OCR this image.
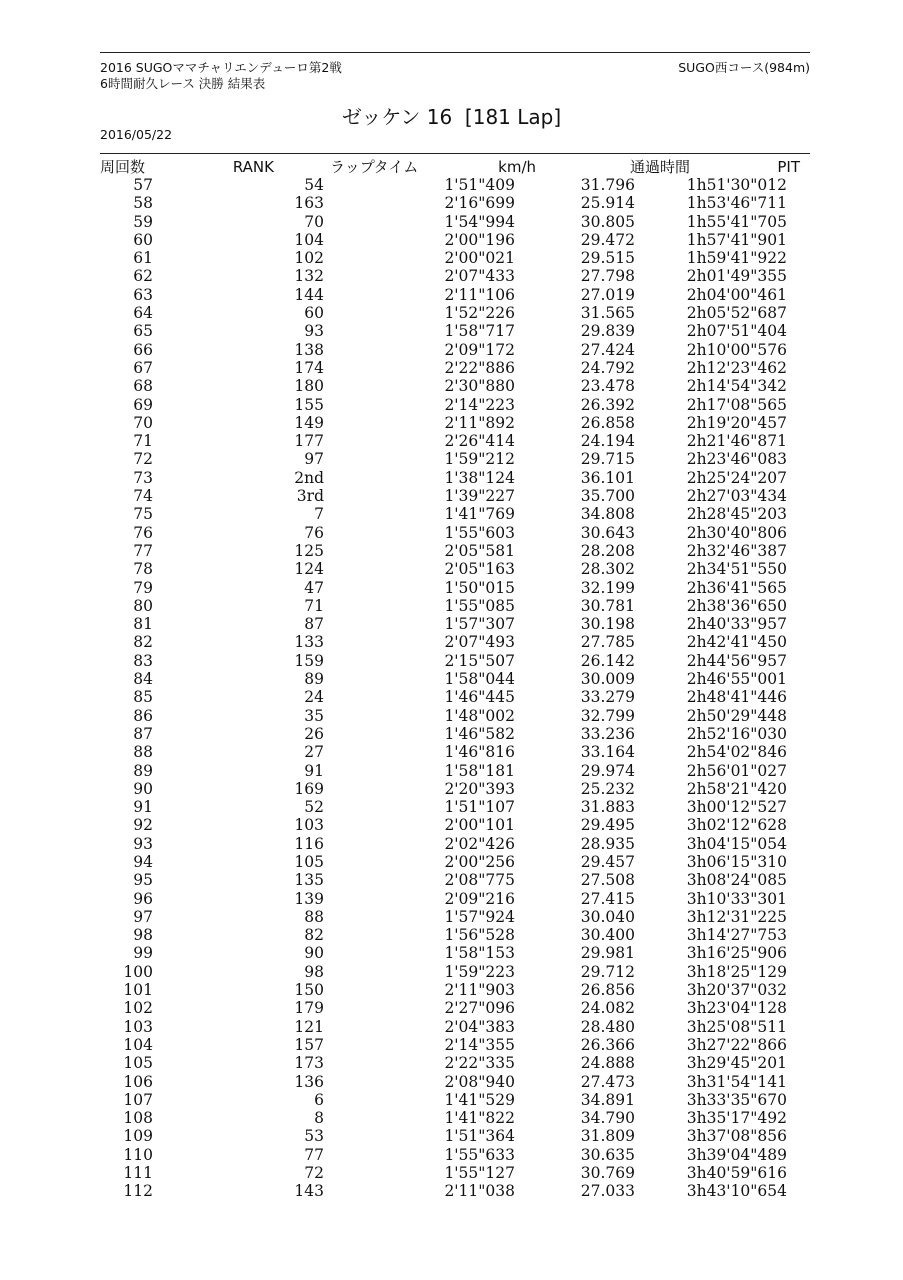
2016 SUGOママチャリエンデューロ第2戦
6時間耐久レース 決勝 結果表
SUGO西コース(984m)
ゼッケン 16  [181 Lap]
2016/05/22
周回数	RANK	ラップタイム	km/h	通過時間	PIT
57	54	1'51"409	31.796	1h51'30"012	
58	163	2'16"699	25.914	1h53'46"711	
59	70	1'54"994	30.805	1h55'41"705	
60	104	2'00"196	29.472	1h57'41"901	
61	102	2'00"021	29.515	1h59'41"922	
62	132	2'07"433	27.798	2h01'49"355	
63	144	2'11"106	27.019	2h04'00"461	
64	60	1'52"226	31.565	2h05'52"687	
65	93	1'58"717	29.839	2h07'51"404	
66	138	2'09"172	27.424	2h10'00"576	
67	174	2'22"886	24.792	2h12'23"462	
68	180	2'30"880	23.478	2h14'54"342	
69	155	2'14"223	26.392	2h17'08"565	
70	149	2'11"892	26.858	2h19'20"457	
71	177	2'26"414	24.194	2h21'46"871	
72	97	1'59"212	29.715	2h23'46"083	
73	2nd	1'38"124	36.101	2h25'24"207	
74	3rd	1'39"227	35.700	2h27'03"434	
75	7	1'41"769	34.808	2h28'45"203	
76	76	1'55"603	30.643	2h30'40"806	
77	125	2'05"581	28.208	2h32'46"387	
78	124	2'05"163	28.302	2h34'51"550	
79	47	1'50"015	32.199	2h36'41"565	
80	71	1'55"085	30.781	2h38'36"650	
81	87	1'57"307	30.198	2h40'33"957	
82	133	2'07"493	27.785	2h42'41"450	
83	159	2'15"507	26.142	2h44'56"957	
84	89	1'58"044	30.009	2h46'55"001	
85	24	1'46"445	33.279	2h48'41"446	
86	35	1'48"002	32.799	2h50'29"448	
87	26	1'46"582	33.236	2h52'16"030	
88	27	1'46"816	33.164	2h54'02"846	
89	91	1'58"181	29.974	2h56'01"027	
90	169	2'20"393	25.232	2h58'21"420	
91	52	1'51"107	31.883	3h00'12"527	
92	103	2'00"101	29.495	3h02'12"628	
93	116	2'02"426	28.935	3h04'15"054	
94	105	2'00"256	29.457	3h06'15"310	
95	135	2'08"775	27.508	3h08'24"085	
96	139	2'09"216	27.415	3h10'33"301	
97	88	1'57"924	30.040	3h12'31"225	
98	82	1'56"528	30.400	3h14'27"753	
99	90	1'58"153	29.981	3h16'25"906	
100	98	1'59"223	29.712	3h18'25"129	
101	150	2'11"903	26.856	3h20'37"032	
102	179	2'27"096	24.082	3h23'04"128	
103	121	2'04"383	28.480	3h25'08"511	
104	157	2'14"355	26.366	3h27'22"866	
105	173	2'22"335	24.888	3h29'45"201	
106	136	2'08"940	27.473	3h31'54"141	
107	6	1'41"529	34.891	3h33'35"670	
108	8	1'41"822	34.790	3h35'17"492	
109	53	1'51"364	31.809	3h37'08"856	
110	77	1'55"633	30.635	3h39'04"489	
111	72	1'55"127	30.769	3h40'59"616	
112	143	2'11"038	27.033	3h43'10"654	
